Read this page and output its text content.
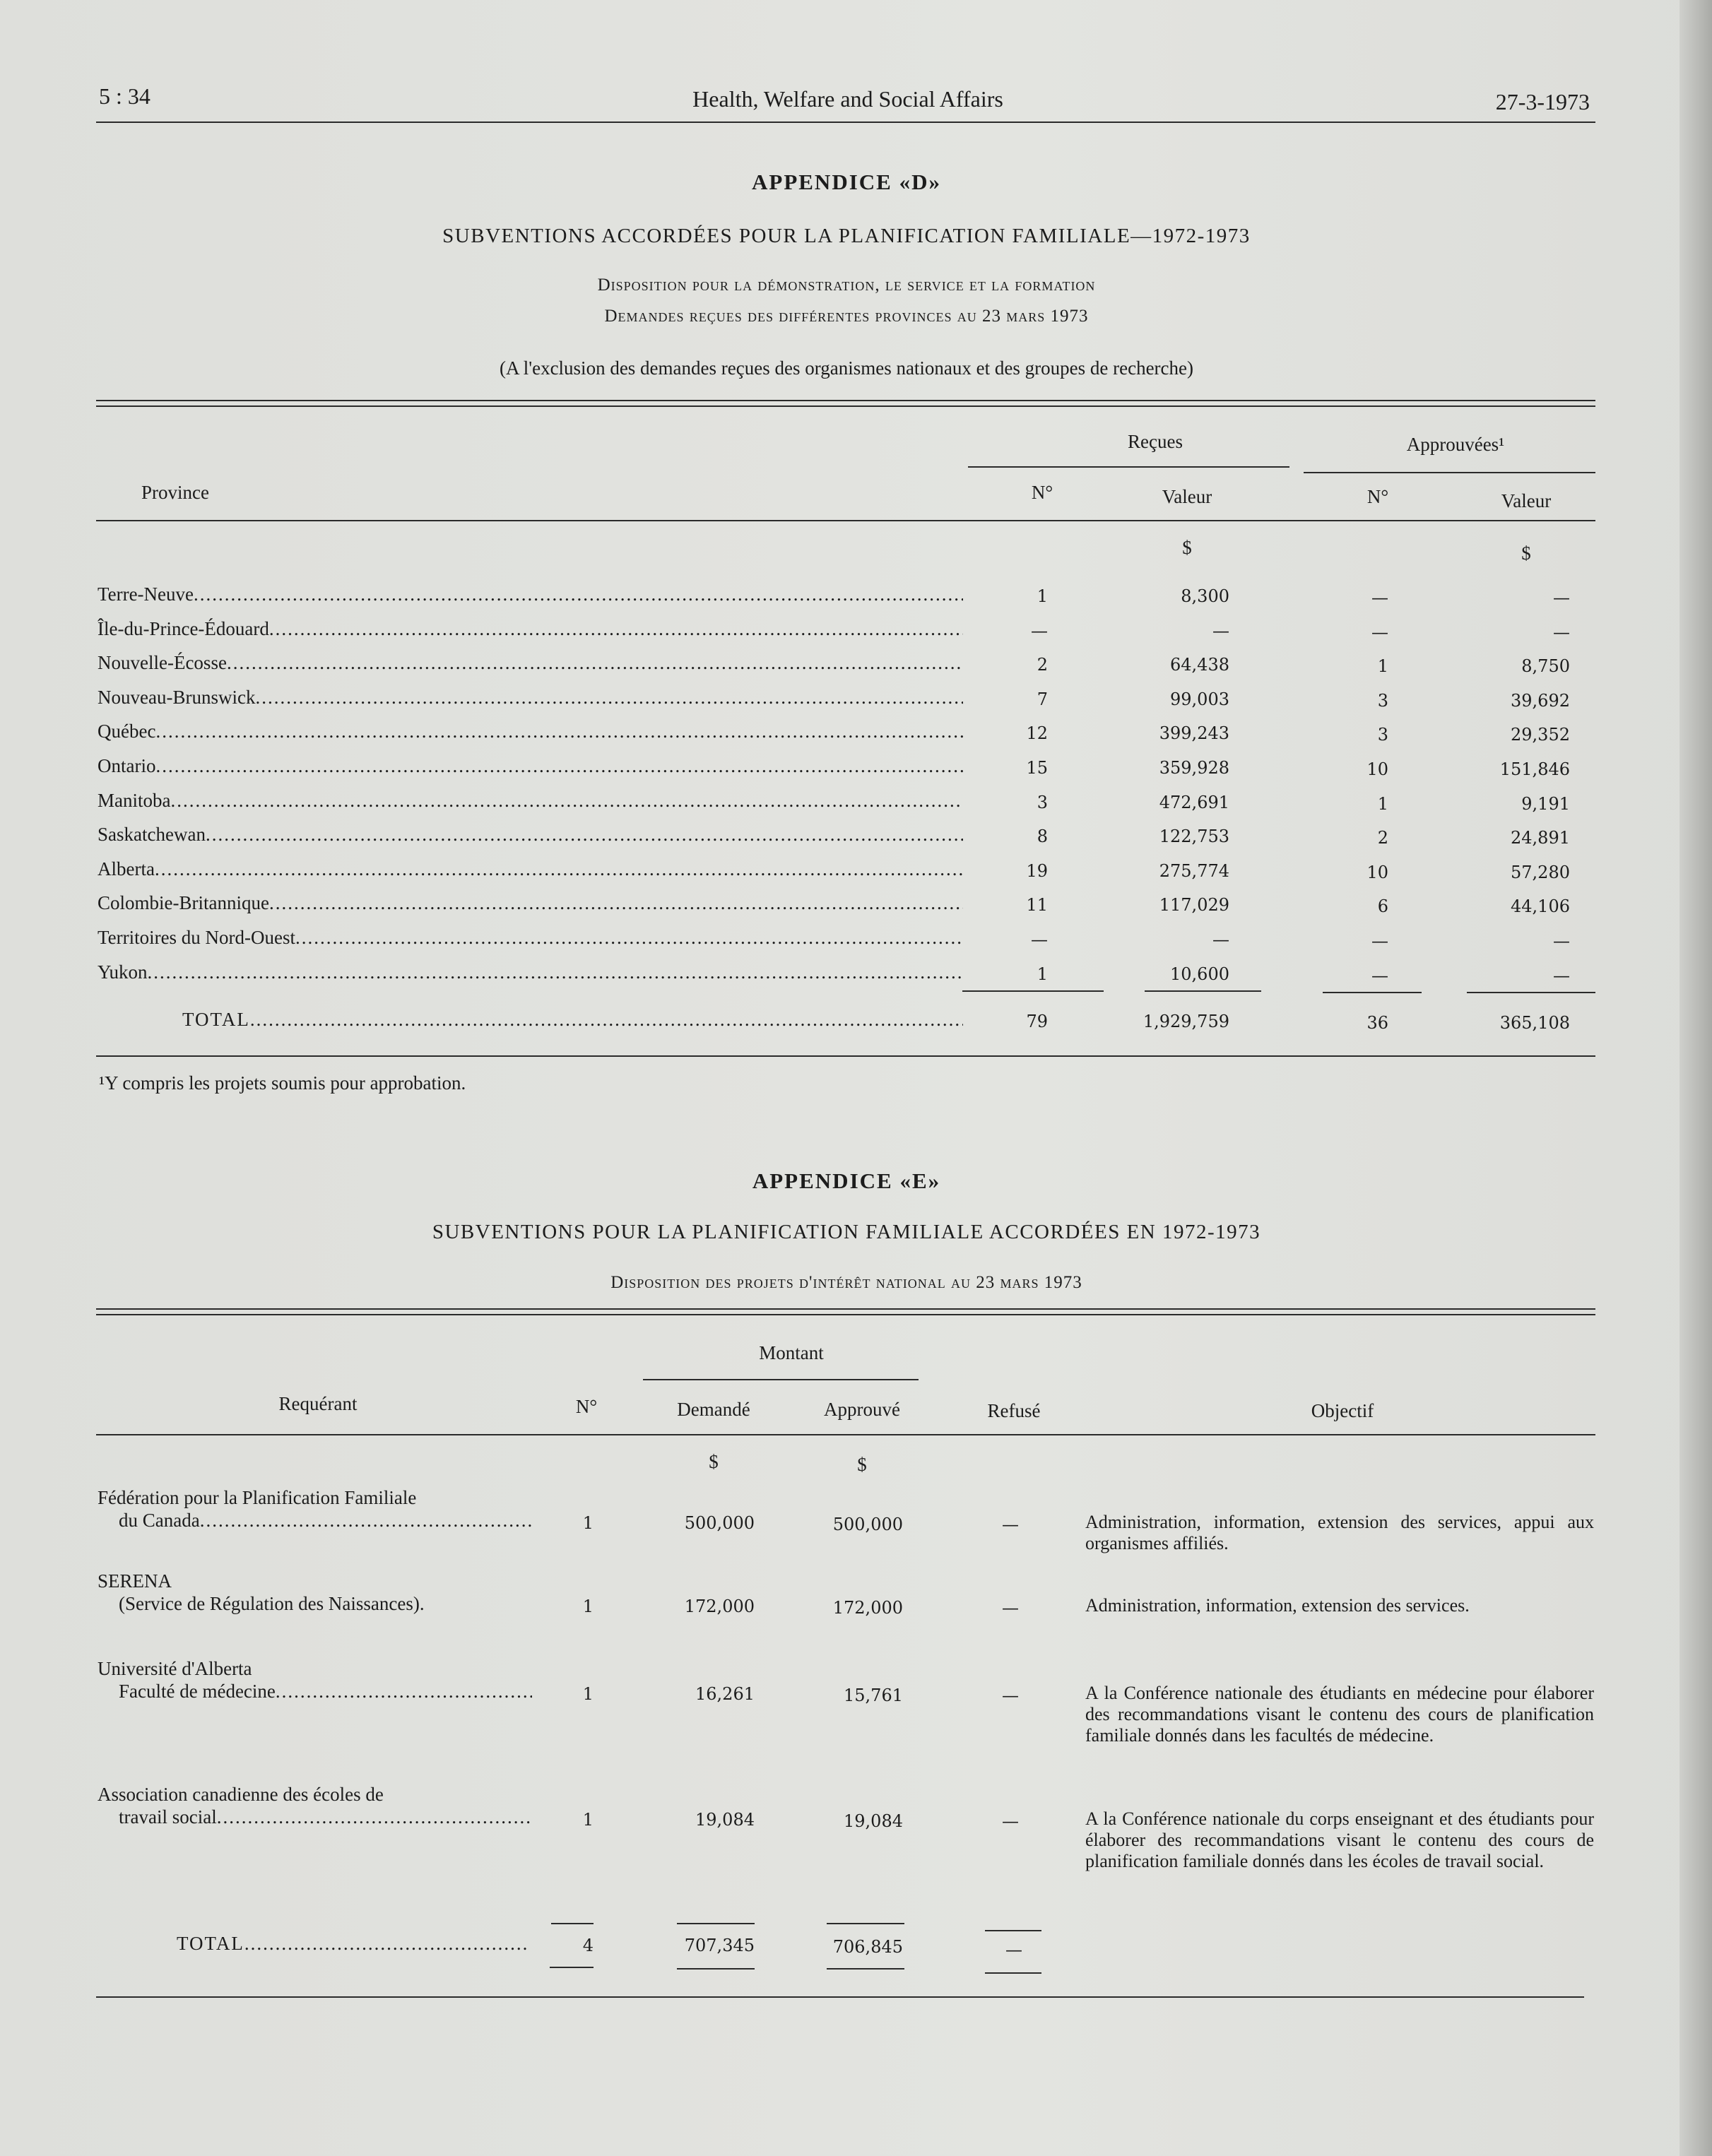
5 : 34	Health, Welfare and Social Affairs	27-3-1973
APPENDICE «D»
SUBVENTIONS ACCORDÉES POUR LA PLANIFICATION FAMILIALE—1972-1973
Disposition pour la démonstration, le service et la formation
Demandes reçues des différentes provinces au 23 mars 1973
(A l'exclusion des demandes reçues des organismes nationaux et des groupes de recherche)
Reçues	Approuvées¹
Province	N°	Valeur	N°	Valeur
$	$
Terre-Neuve .....	1	8,300	—	—
Île-du-Prince-Édouard .....	—	—	—	—
Nouvelle-Écosse .....	2	64,438	1	8,750
Nouveau-Brunswick .....	7	99,003	3	39,692
Québec .....	12	399,243	3	29,352
Ontario .....	15	359,928	10	151,846
Manitoba .....	3	472,691	1	9,191
Saskatchewan .....	8	122,753	2	24,891
Alberta .....	19	275,774	10	57,280
Colombie-Britannique .....	11	117,029	6	44,106
Territoires du Nord-Ouest .....	—	—	—	—
Yukon .....	1	10,600	—	—
TOTAL .....	79	1,929,759	36	365,108
¹Y compris les projets soumis pour approbation.
APPENDICE «E»
SUBVENTIONS POUR LA PLANIFICATION FAMILIALE ACCORDÉES EN 1972-1973
Disposition des projets d'intérêt national au 23 mars 1973
Montant
Requérant	N°	Demandé	Approuvé	Refusé	Objectif
$	$
Fédération pour la Planification Familiale
du Canada .....	1	500,000	500,000	—	Administration, information, extension des services, appui aux organismes affiliés.
SERENA
(Service de Régulation des Naissances).	1	172,000	172,000	—	Administration, information, extension des services.
Université d'Alberta
Faculté de médecine .....	1	16,261	15,761	—	A la Conférence nationale des étudiants en médecine pour élaborer des recommandations visant le contenu des cours de planification familiale donnés dans les facultés de médecine.
Association canadienne des écoles de
travail social .....	1	19,084	19,084	—	A la Conférence nationale du corps enseignant et des étudiants pour élaborer des recommandations visant le contenu des cours de planification familiale donnés dans les écoles de travail social.
TOTAL .....	4	707,345	706,845	—
